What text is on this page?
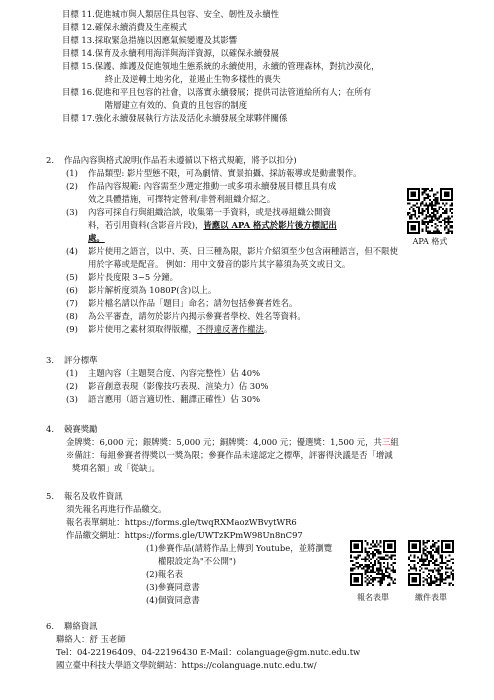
目標 11. 促進城市與人類居住具包容、安全、韌性及永續性
目標 12. 確保永續消費及生產模式
目標 13. 採取緊急措施以因應氣候變遷及其影響
目標 14. 保育及永續利用海洋與海洋資源，以確保永續發展
目標 15. 保護、維護及促進領地生態系統的永續使用，永續的管理森林，對抗沙漠化，
終止及逆轉土地劣化，並遏止生物多樣性的喪失
目標 16. 促進和平且包容的社會，以落實永續發展；提供司法管道給所有人；在所有
階層建立有效的、負責的且包容的制度
目標 17. 強化永續發展執行方法及活化永續發展全球夥伴關係
2.	作品內容與格式說明(作品若未遵循以下格式規範，將予以扣分)
(1)	作品類型: 影片型態不限，可為劇情、實景拍攝、採訪報導或是動畫製作。
(2)	作品內容規範: 內容需至少選定推動一或多項永續發展目標且具有成
效之具體措施，可擇特定營利/非營利組織介紹之。
(3)	內容可採自行與組織洽談，收集第一手資料，或是找尋組織公開資
料，若引用資料(含影音片段)，皆應以 APA 格式於影片後方標記出
處。
(4)	影片使用之語言，以中、英、日三種為限，影片介紹須至少包含兩種語言，但不限使
用於字幕或是配音。 例如：用中文發音的影片其字幕須為英文或日文。
(5)	影片長度限 3~5 分鐘。
(6)	影片解析度須為 1080P(含)以上。
(7)	影片檔名請以作品「題目」命名；請勿包括參賽者姓名。
(8)	為公平審查，請勿於影片內揭示參賽者學校、姓名等資料。
(9)	影片使用之素材須取得版權，不得違反著作權法。
APA 格式
3.	評分標準
(1)	主題內容（主題契合度、內容完整性）佔 40%
(2)	影音創意表現（影像技巧表現、渲染力）佔 30%
(3)	語言應用（語言適切性、翻譯正確性）佔 30%
4.	競賽獎勵
金牌獎：6,000 元；銀牌獎：5,000 元；銅牌獎：4,000 元；優選獎：1,500 元，共三組
※備註：每組參賽者得獎以一獎為限；參賽作品未達認定之標準，評審得決議是否「增減
獎項名額」或「從缺」。
5.	報名及收件資訊
須先報名再進行作品繳交。
報名表單網址：https://forms.gle/twqRXMaozWBvytWR6
作品繳交網址：https://forms.gle/UWTzKPmW98Un8nC97
(1)參賽作品(請將作品上傳到 Youtube，並將瀏覽
權限設定為"不公開")
(2)報名表
(3)參賽同意書
(4)個資同意書	報名表單	繳件表單
6.	聯絡資訊
聯絡人：舒 玉老師
Tel：04-22196409、04-22196430 E-Mail：colanguage@gm.nutc.edu.tw
國立臺中科技大學語文學院網站：https://colanguage.nutc.edu.tw/
